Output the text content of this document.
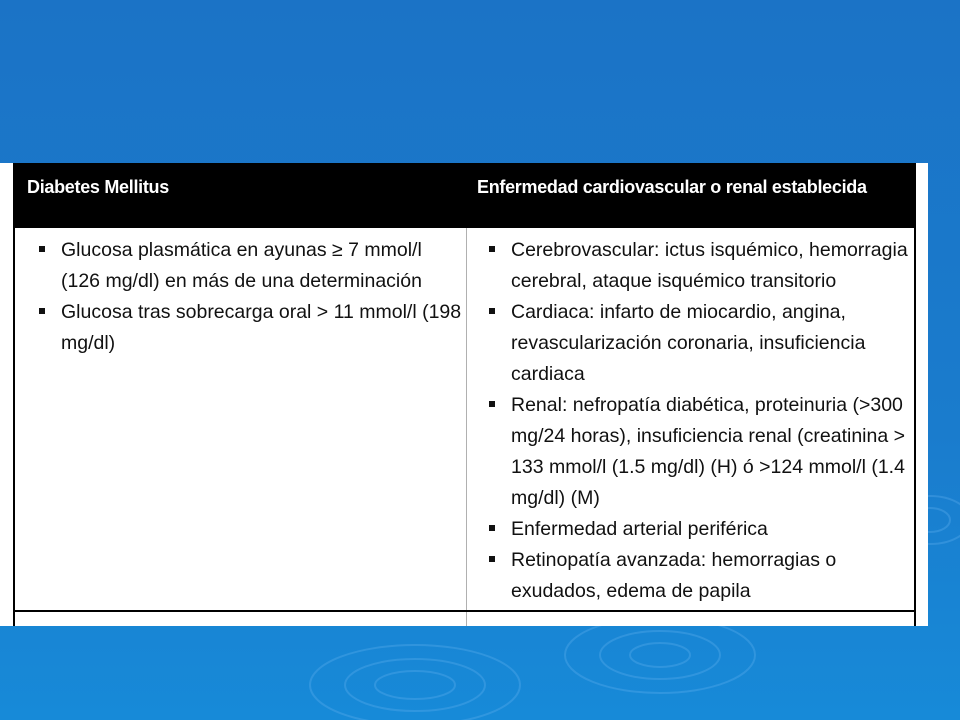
Diabetes Mellitus	Enfermedad cardiovascular o renal establecida
Glucosa plasmática en ayunas ≥ 7 mmol/l (126 mg/dl) en más de una determinación
Glucosa tras sobrecarga oral > 11 mmol/l (198 mg/dl)
Cerebrovascular: ictus isquémico, hemorragia cerebral, ataque isquémico transitorio
Cardiaca: infarto de miocardio, angina, revascularización coronaria, insuficiencia cardiaca
Renal: nefropatía diabética, proteinuria (>300 mg/24 horas), insuficiencia renal (creatinina > 133 mmol/l (1.5 mg/dl) (H) ó >124 mmol/l (1.4 mg/dl) (M)
Enfermedad arterial periférica
Retinopatía avanzada: hemorragias o exudados, edema de papila
